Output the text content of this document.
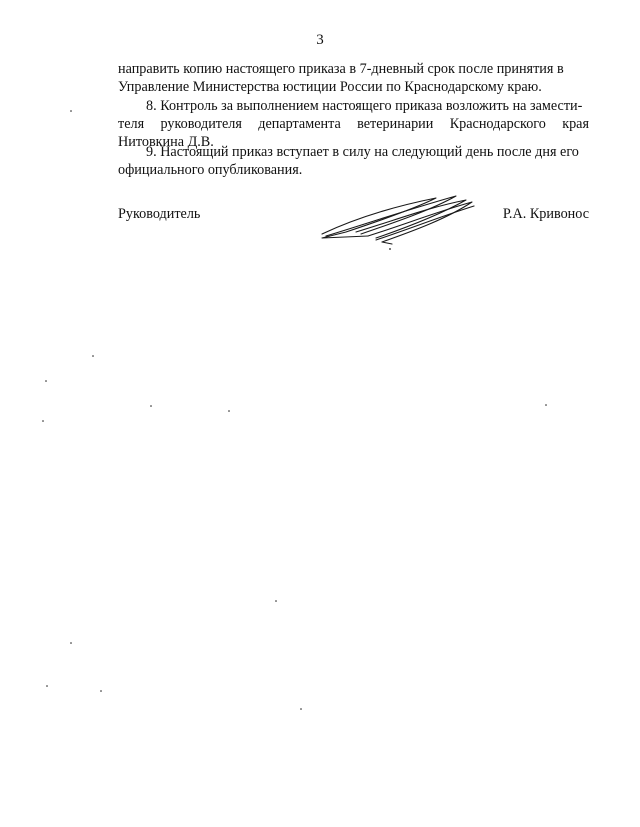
3
направить копию настоящего приказа в 7-дневный срок после принятия в
Управление Министерства юстиции России по Краснодарскому краю.
8. Контроль за выполнением настоящего приказа возложить на замести-
теля руководителя департамента ветеринарии Краснодарского края
Нитовкина Д.В.
9. Настоящий приказ вступает в силу на следующий день после дня его
официального опубликования.
Руководитель	Р.А. Кривонос
